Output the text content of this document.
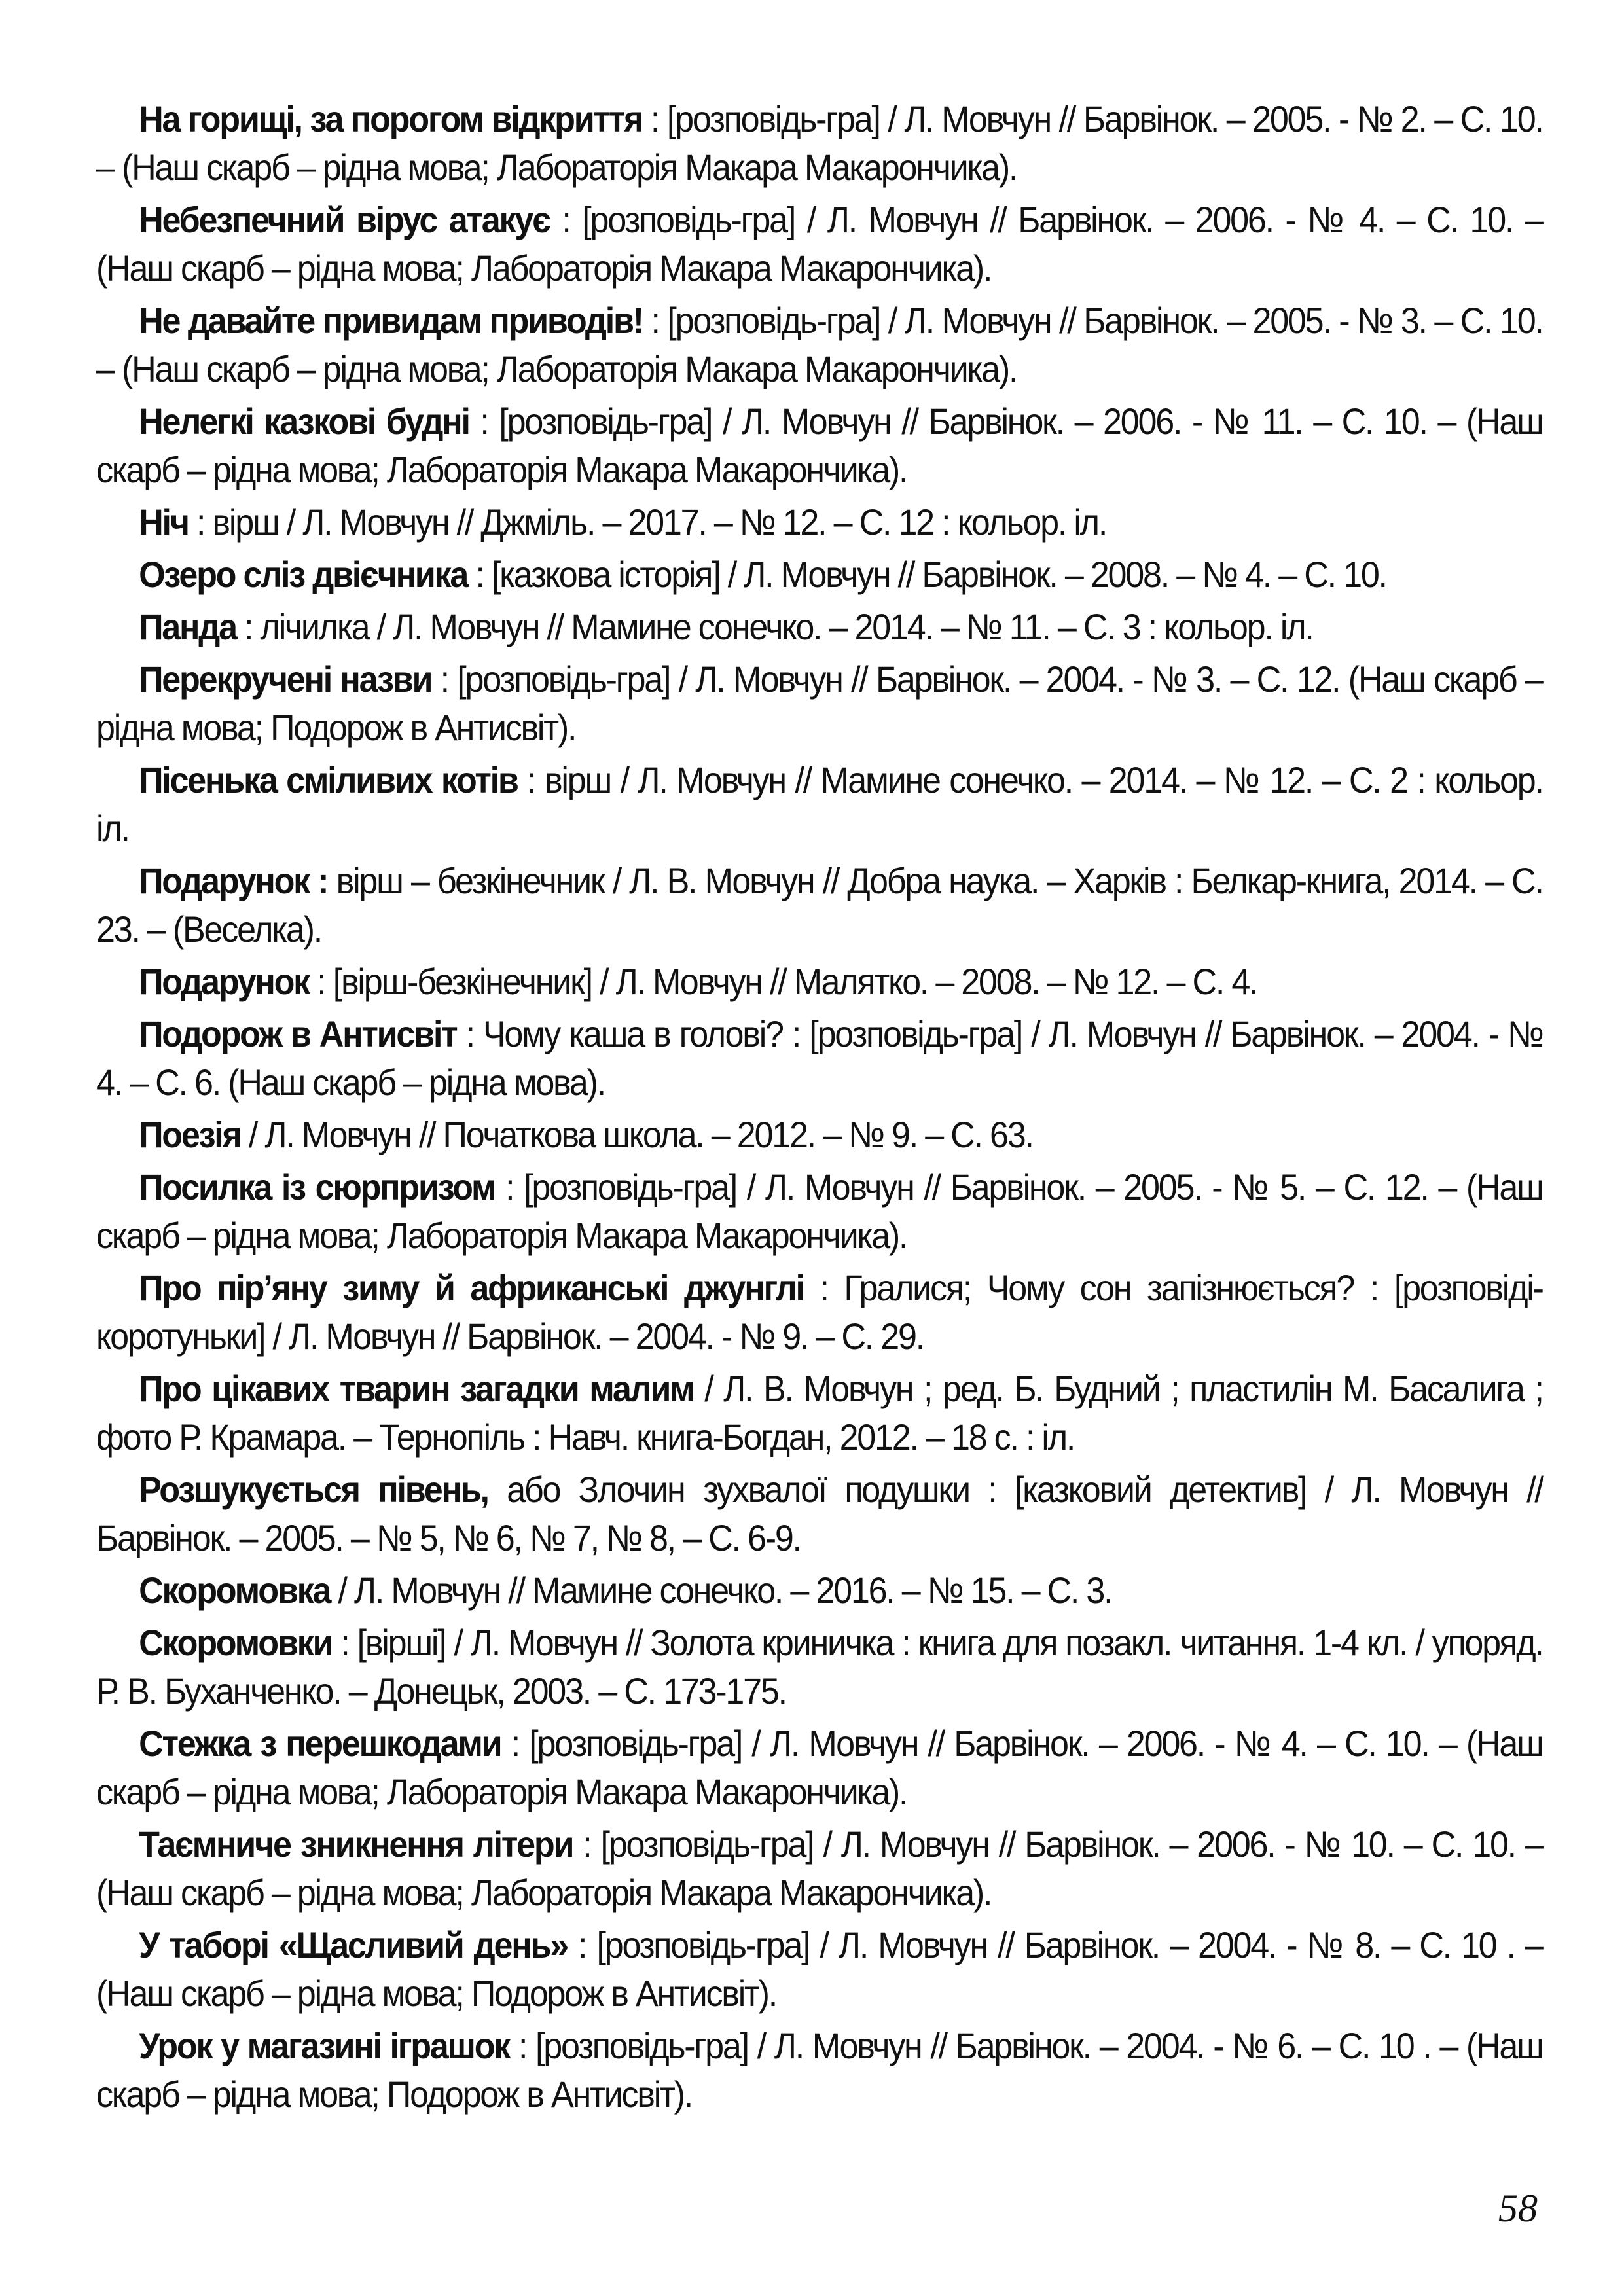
На горищі, за порогом відкриття : [розповідь-гра] / Л. Мовчун // Барвінок. – 2005. - № 2. – С. 10. – (Наш скарб – рідна мова; Лабораторія Макара Макарончика).

Небезпечний вірус атакує : [розповідь-гра] / Л. Мовчун // Барвінок. – 2006. - № 4. – С. 10. – (Наш скарб – рідна мова; Лабораторія Макара Макарончика).

Не давайте привидам приводів! : [розповідь-гра] / Л. Мовчун // Барвінок. – 2005. - № 3. – С. 10. – (Наш скарб – рідна мова; Лабораторія Макара Макарончика).

Нелегкі казкові будні : [розповідь-гра] / Л. Мовчун // Барвінок. – 2006. - № 11. – С. 10. – (Наш скарб – рідна мова; Лабораторія Макара Макарончика).

Ніч : вірш / Л. Мовчун // Джміль. – 2017. – № 12. – С. 12 : кольор. іл.

Озеро сліз двієчника : [казкова історія] / Л. Мовчун // Барвінок. – 2008. – № 4. – С. 10.

Панда : лічилка / Л. Мовчун // Мамине сонечко. – 2014. – № 11. – С. 3 : кольор. іл.

Перекручені назви : [розповідь-гра] / Л. Мовчун // Барвінок. – 2004. - № 3. – С. 12. (Наш скарб – рідна мова; Подорож в Антисвіт).

Пісенька сміливих котів : вірш / Л. Мовчун // Мамине сонечко. – 2014. – № 12. – С. 2 : кольор. іл.

Подарунок : вірш – безкінечник / Л. В. Мовчун // Добра наука. – Харків : Белкар-книга, 2014. – С. 23. – (Веселка).

Подарунок : [вірш-безкінечник] / Л. Мовчун // Малятко. – 2008. – № 12. – С. 4.

Подорож в Антисвіт : Чому каша в голові? : [розповідь-гра] / Л. Мовчун // Барвінок. – 2004. - № 4. – С. 6. (Наш скарб – рідна мова).

Поезія / Л. Мовчун // Початкова школа. – 2012. – № 9. – С. 63.

Посилка із сюрпризом : [розповідь-гра] / Л. Мовчун // Барвінок. – 2005. - № 5. – С. 12. – (Наш скарб – рідна мова; Лабораторія Макара Макарончика).

Про пір’яну зиму й африканські джунглі : Гралися; Чому сон запізнюється? : [розповіді-коротуньки] / Л. Мовчун // Барвінок. – 2004. - № 9. – С. 29.

Про цікавих тварин загадки малим / Л. В. Мовчун ; ред. Б. Будний ; пластилін М. Басалига ; фото Р. Крамара. – Тернопіль : Навч. книга-Богдан, 2012. – 18 с. : іл.

Розшукується півень, або Злочин зухвалої подушки : [казковий детектив] / Л. Мовчун // Барвінок. – 2005. – № 5, № 6, № 7, № 8, – С. 6-9.

Скоромовка / Л. Мовчун // Мамине сонечко. – 2016. – № 15. – С. 3.

Скоромовки : [вірші] / Л. Мовчун // Золота криничка : книга для позакл. читання. 1-4 кл. / упоряд. Р. В. Буханченко. – Донецьк, 2003. – С. 173-175.

Стежка з перешкодами : [розповідь-гра] / Л. Мовчун // Барвінок. – 2006. - № 4. – С. 10. – (Наш скарб – рідна мова; Лабораторія Макара Макарончика).

Таємниче зникнення літери : [розповідь-гра] / Л. Мовчун // Барвінок. – 2006. - № 10. – С. 10. – (Наш скарб – рідна мова; Лабораторія Макара Макарончика).

У таборі «Щасливий день» : [розповідь-гра] / Л. Мовчун // Барвінок. – 2004. - № 8. – С. 10 . – (Наш скарб – рідна мова; Подорож в Антисвіт).

Урок у магазині іграшок : [розповідь-гра] / Л. Мовчун // Барвінок. – 2004. - № 6. – С. 10 . – (Наш скарб – рідна мова; Подорож в Антисвіт).

58
